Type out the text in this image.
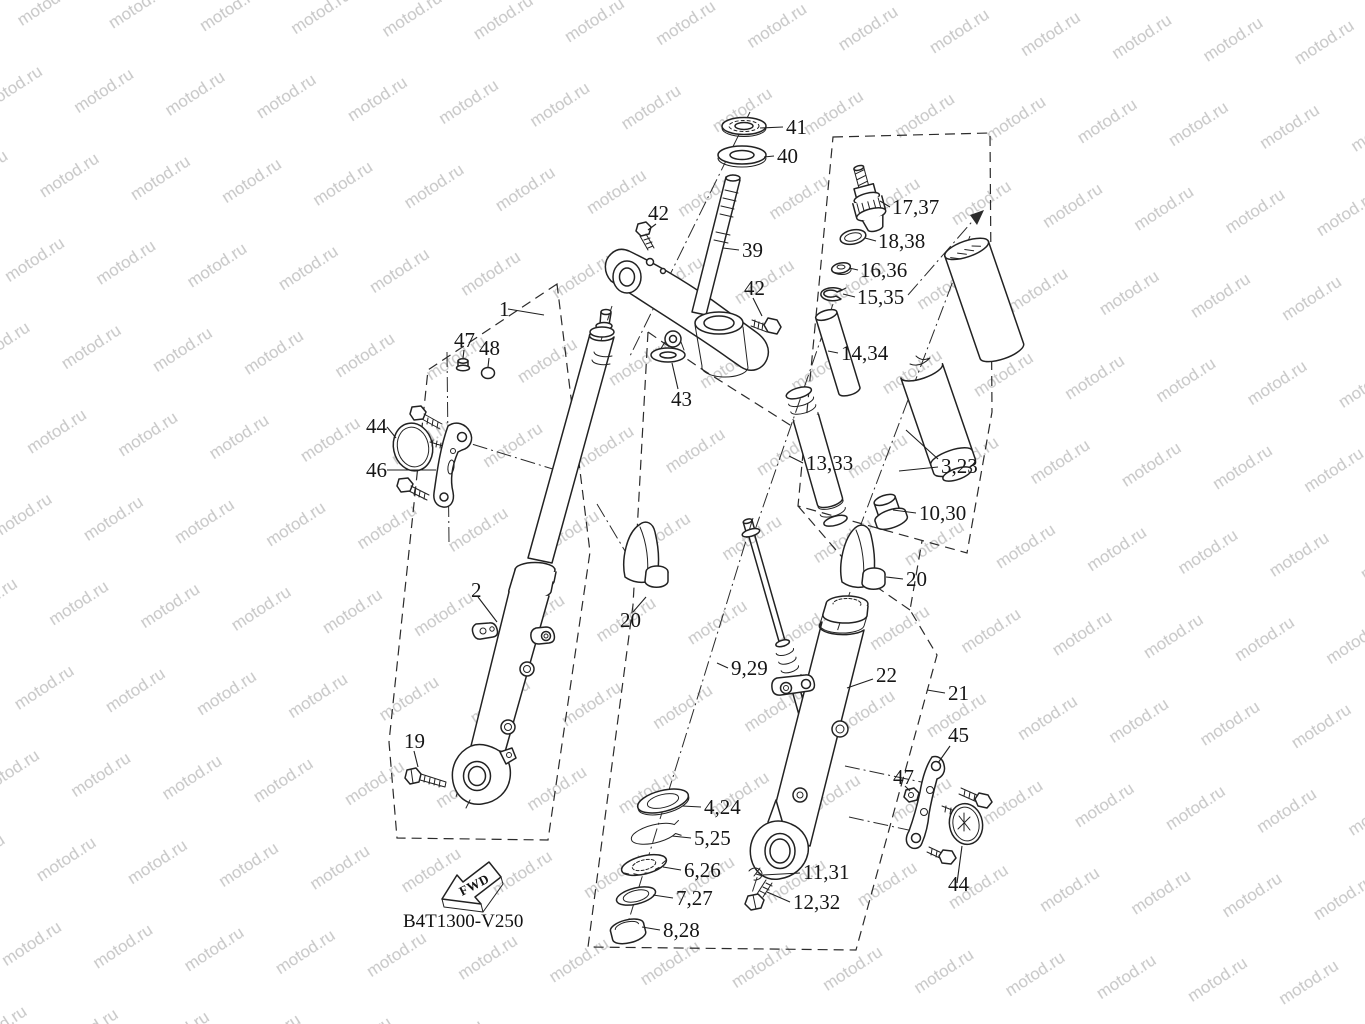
41
40
42
39
42
17,37
18,38
16,36
15,35
14,34
1
47 48
44
46
43
13,33	3,23
10,30
20
2
20
19
9,29	22
21
45
47
4,24
5,25
6,26
7,27
8,28
11,31
12,32
44
FWD
B4T1300-V250
